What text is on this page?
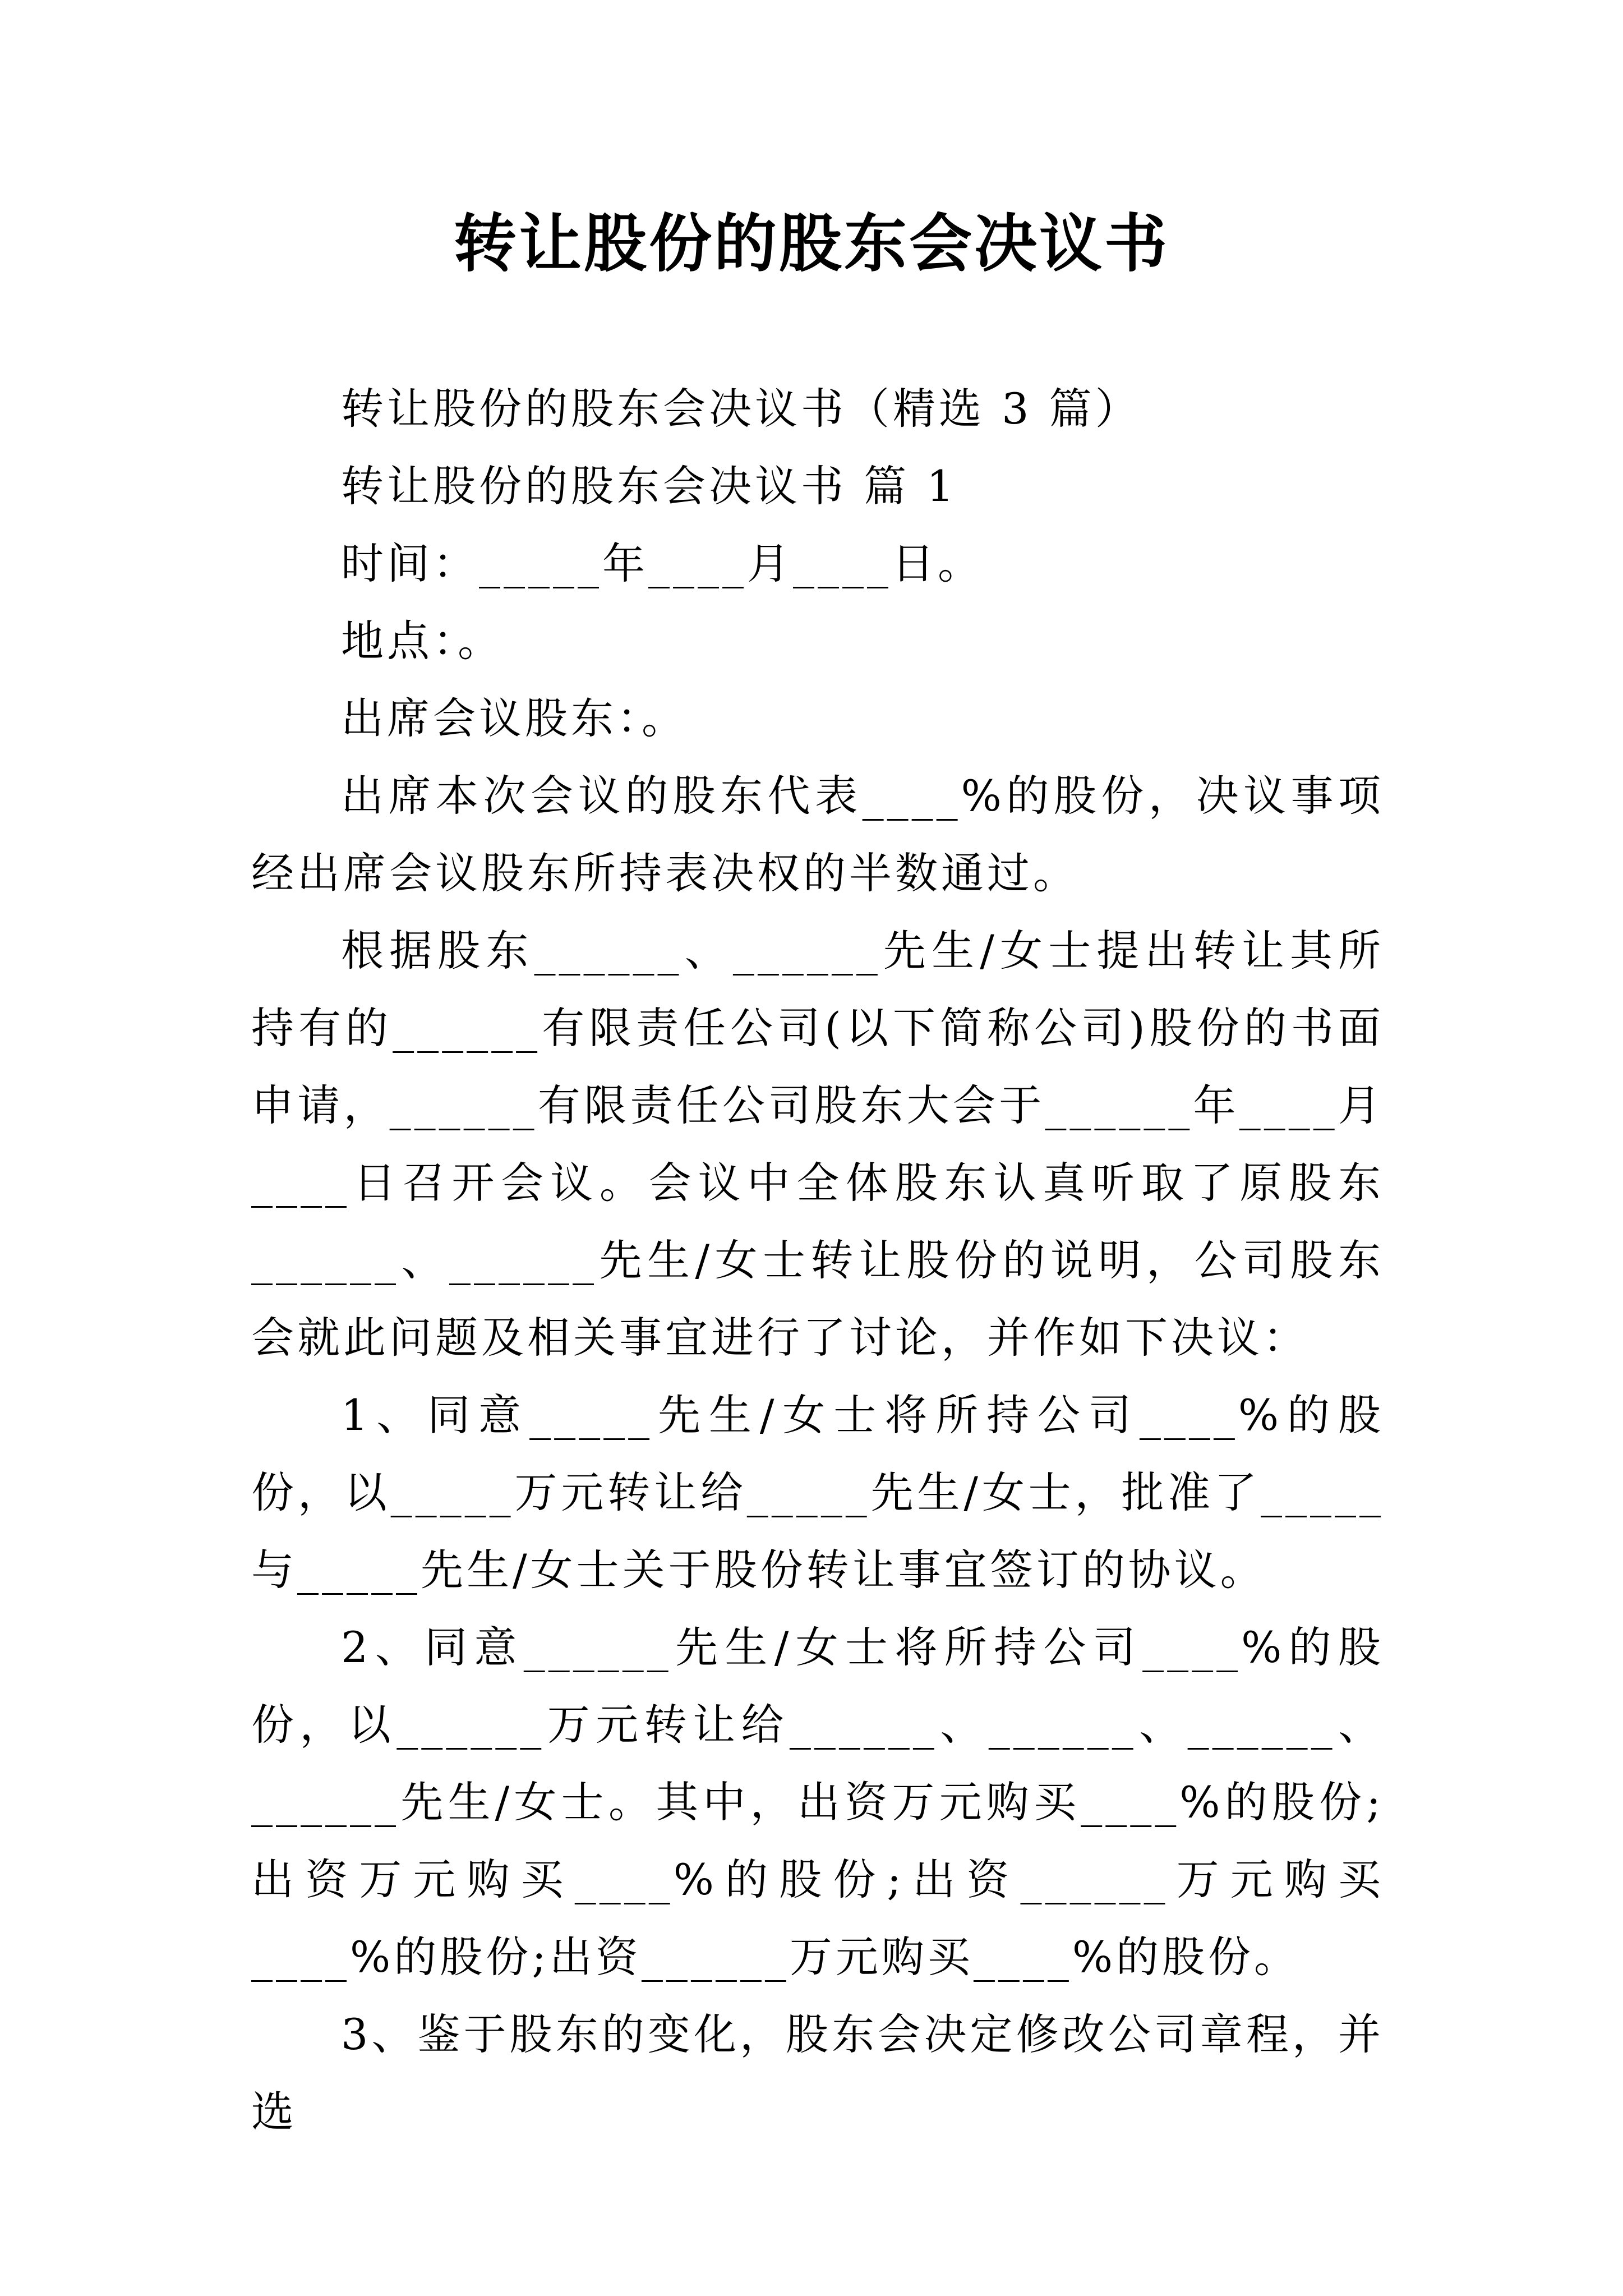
转让股份的股东会决议书

转让股份的股东会决议书（精选 3 篇）

转让股份的股东会决议书 篇 1

时间：_____年____月____日。

地点：。

出席会议股东：。

出席本次会议的股东代表____%的股份，决议事项经出席会议股东所持表决权的半数通过。

根据股东______、______先生/女士提出转让其所持有的______有限责任公司(以下简称公司)股份的书面申请，______有限责任公司股东大会于______年____月____日召开会议。会议中全体股东认真听取了原股东______、______先生/女士转让股份的说明，公司股东会就此问题及相关事宜进行了讨论，并作如下决议：

1、同意_____先生/女士将所持公司____%的股份，以_____万元转让给_____先生/女士，批准了_____与_____先生/女士关于股份转让事宜签订的协议。

2、同意______先生/女士将所持公司____%的股份，以______万元转让给______、______、______、______先生/女士。其中，出资万元购买____%的股份;出资万元购买____%的股份;出资______万元购买____%的股份;出资______万元购买____%的股份。

3、鉴于股东的变化，股东会决定修改公司章程，并选
